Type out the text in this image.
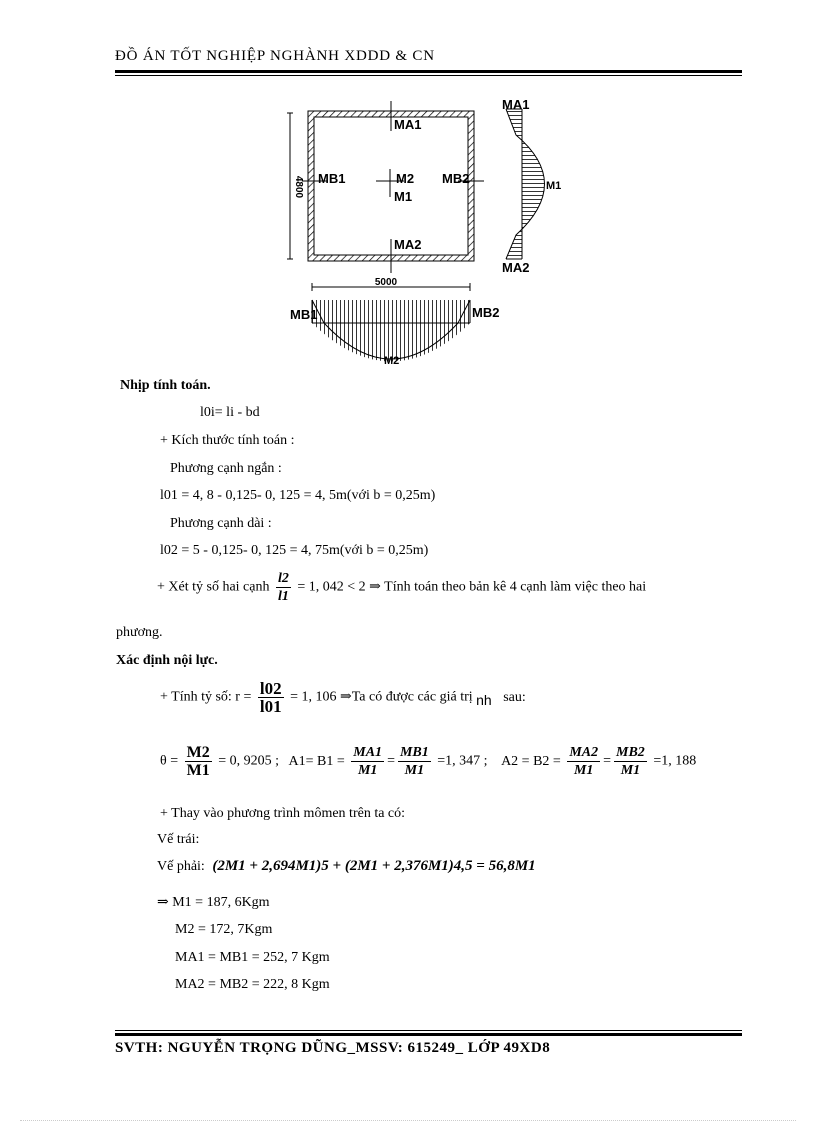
ĐỒ ÁN TỐT NGHIỆP NGHÀNH XDDD & CN
4800
5000
MA1
MB1	M2
M1
MB2
MA2
MB1	MB2
M2
MA1
M1
MA2
Nhịp tính toán.
l0i= li - bd
+ Kích thước tính toán :
Phương cạnh ngắn :
l01 = 4, 8 - 0,125- 0, 125 = 4, 5m(với b = 0,25m)
Phương cạnh dài :
l02 = 5 - 0,125- 0, 125 = 4, 75m(với b = 0,25m)
+ Xét tỷ số hai cạnh $\frac{l2}{l1} = 1$, 042 < 2 ⇒ Tính toán theo bản kê 4 cạnh làm việc theo hai
phương.
Xác định nội lực.
+ Tính tỷ số: $r = \frac{l02}{l01} = 1$, 106 ⇒Ta có được các giá trị nh sau:
$\theta = \frac{M2}{M1} = 0$, 9205 ; $A1= B1 = \frac{MA1}{M1} = \frac{MB1}{M1} =1$, 347 ; $A2 = B2 = \frac{MA2}{M1} = \frac{MB2}{M1} =1$, 188
+ Thay vào phương trình mômen trên ta có:
Vế trái:
Vế phải: (2M1 + 2,694M1)5 + (2M1 + 2,376M1)4,5 = 56,8M1
⇒ M1 = 187, 6Kgm
M2 = 172, 7Kgm
MA1 = MB1 = 252, 7 Kgm
MA2 = MB2 = 222, 8 Kgm
SVTH: NGUYỄN TRỌNG DŨNG_MSSV: 615249_ LỚP 49XD8
